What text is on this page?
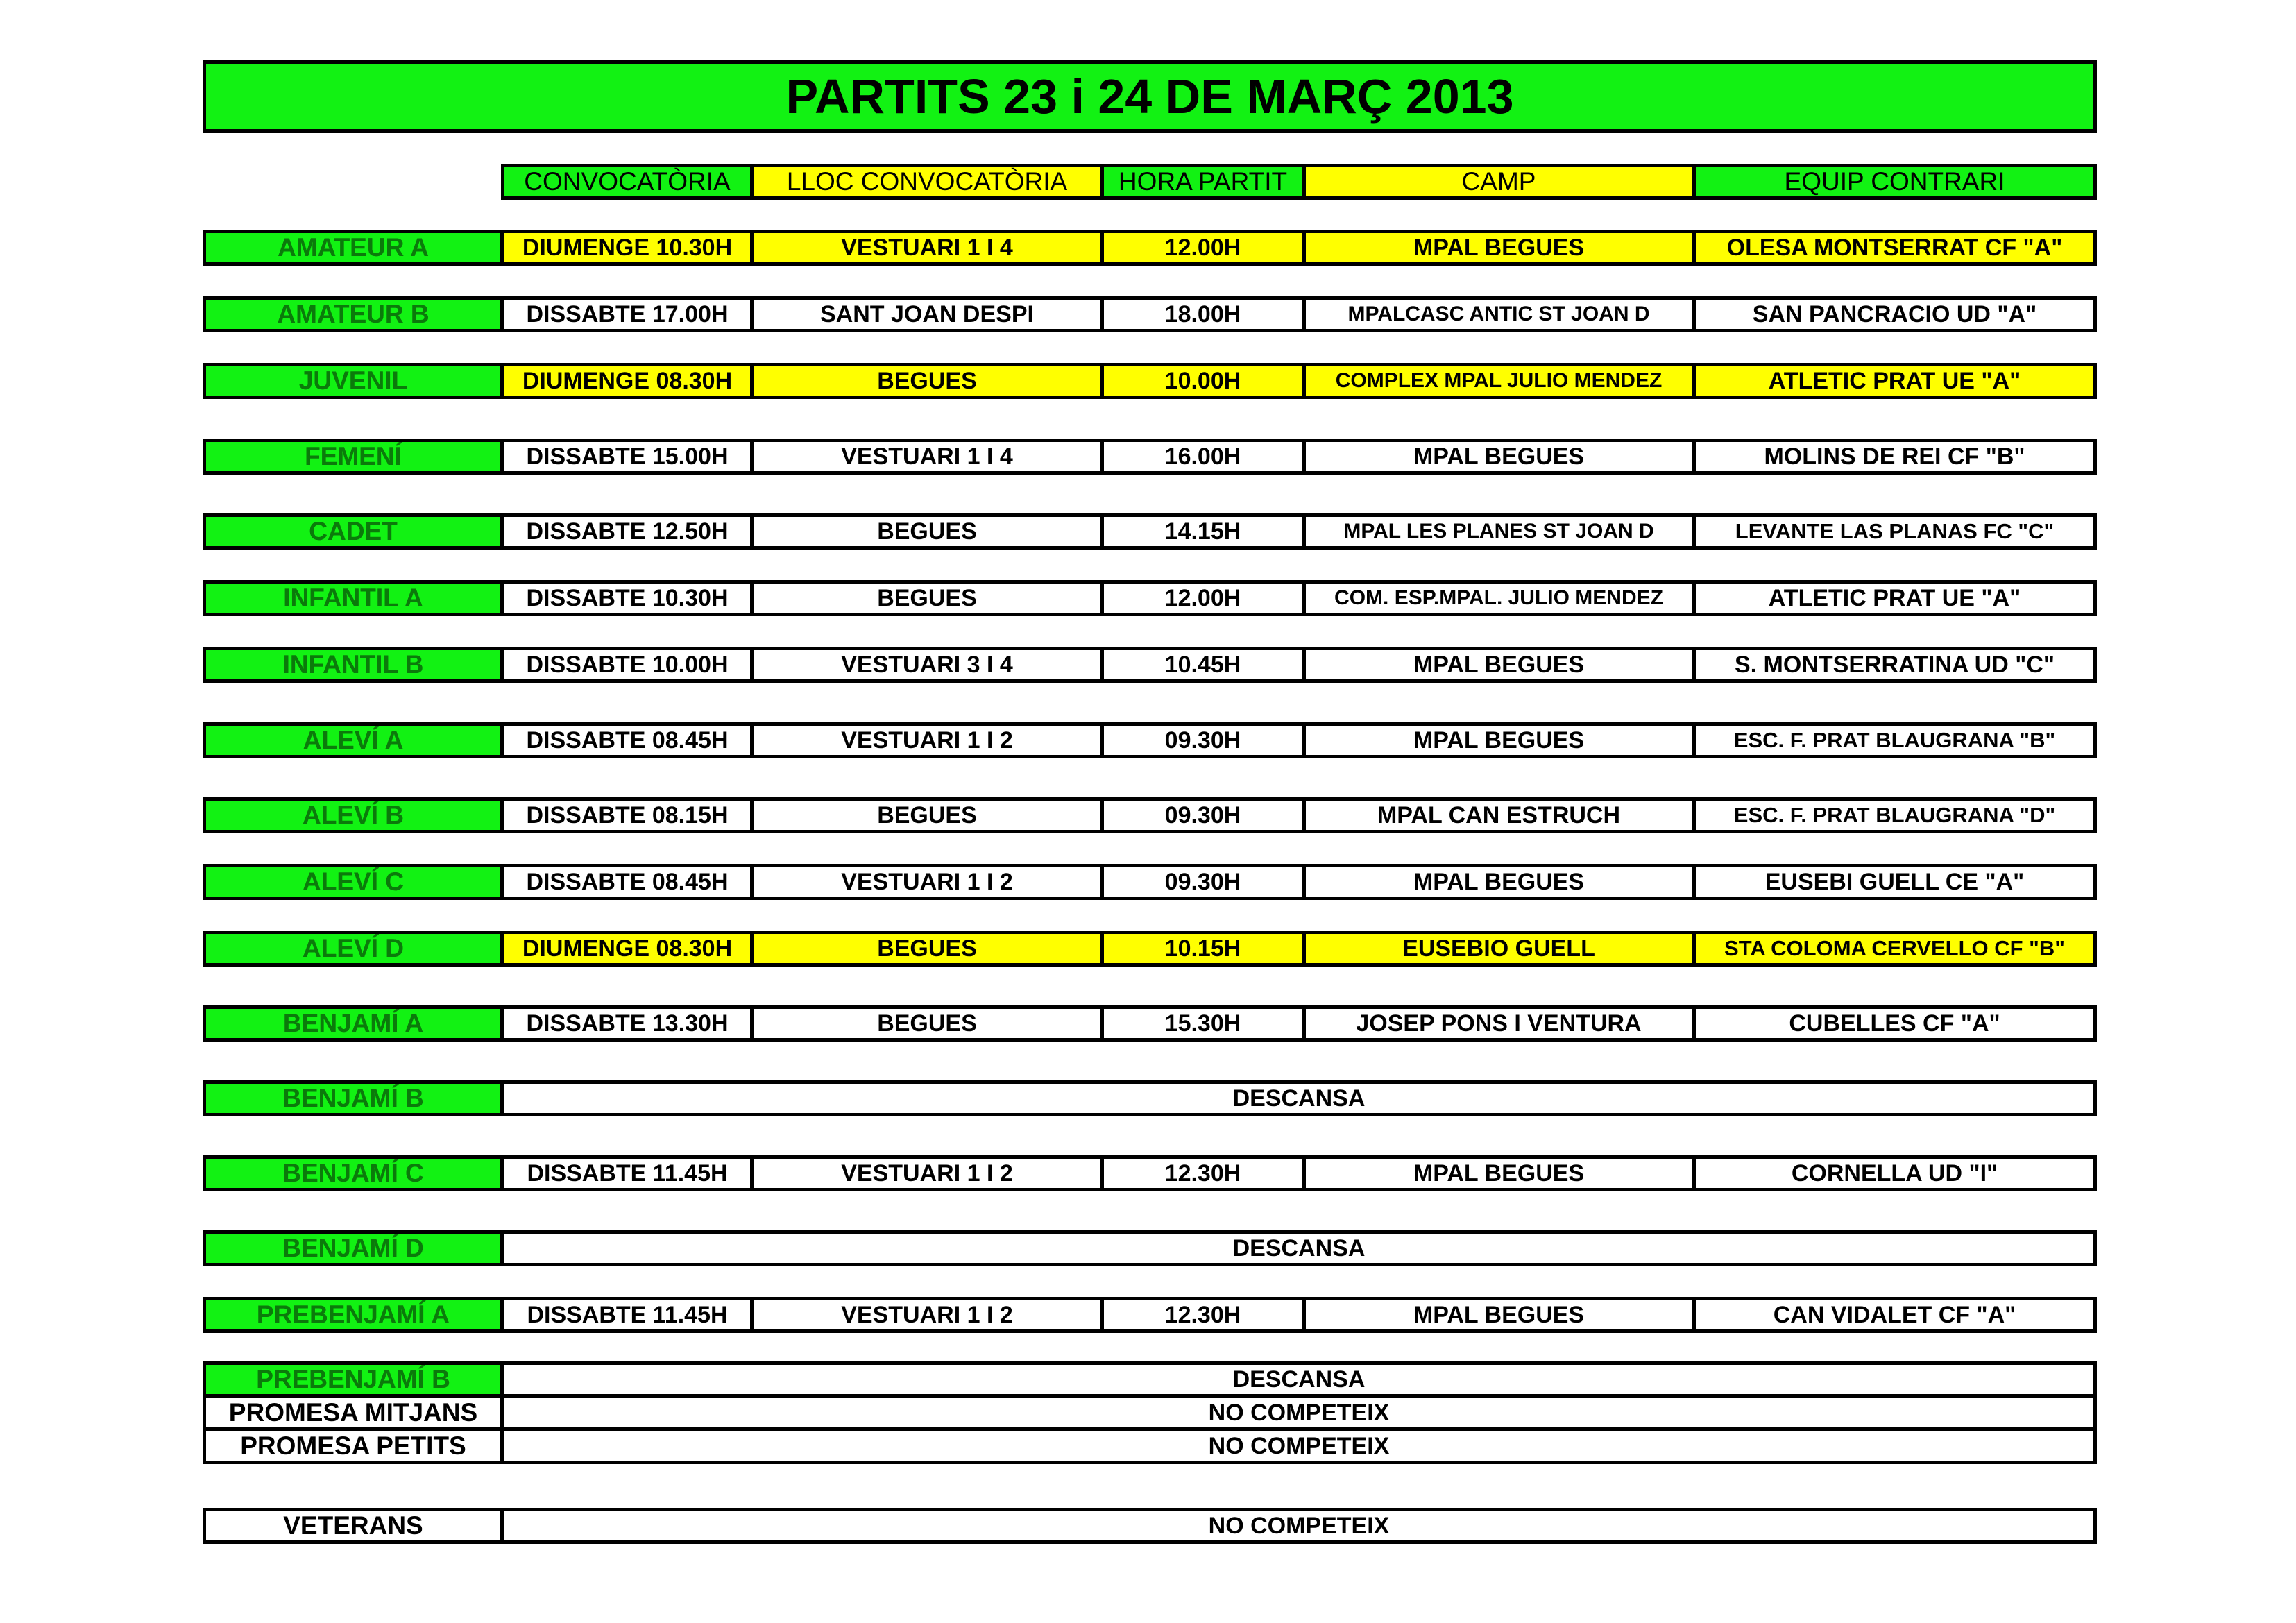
PARTITS 23 i 24 DE MARÇ 2013
CONVOCATÒRIA	LLOC CONVOCATÒRIA	HORA PARTIT	CAMP	EQUIP CONTRARI
AMATEUR A	DIUMENGE 10.30H	VESTUARI 1 I 4	12.00H	MPAL BEGUES	OLESA MONTSERRAT CF "A"
AMATEUR B	DISSABTE 17.00H	SANT JOAN DESPI	18.00H	MPALCASC ANTIC ST JOAN D	SAN PANCRACIO UD "A"
JUVENIL	DIUMENGE 08.30H	BEGUES	10.00H	COMPLEX MPAL JULIO MENDEZ	ATLETIC PRAT UE "A"
FEMENÍ	DISSABTE 15.00H	VESTUARI 1 I 4	16.00H	MPAL BEGUES	MOLINS DE REI CF "B"
CADET	DISSABTE 12.50H	BEGUES	14.15H	MPAL LES PLANES ST JOAN D	LEVANTE LAS PLANAS FC "C"
INFANTIL A	DISSABTE 10.30H	BEGUES	12.00H	COM. ESP.MPAL. JULIO MENDEZ	ATLETIC PRAT UE "A"
INFANTIL B	DISSABTE 10.00H	VESTUARI 3 I 4	10.45H	MPAL BEGUES	S. MONTSERRATINA UD "C"
ALEVÍ A	DISSABTE 08.45H	VESTUARI 1 I 2	09.30H	MPAL BEGUES	ESC. F. PRAT BLAUGRANA "B"
ALEVÍ B	DISSABTE 08.15H	BEGUES	09.30H	MPAL CAN ESTRUCH	ESC. F. PRAT BLAUGRANA "D"
ALEVÍ C	DISSABTE 08.45H	VESTUARI 1 I 2	09.30H	MPAL BEGUES	EUSEBI GUELL CE "A"
ALEVÍ D	DIUMENGE 08.30H	BEGUES	10.15H	EUSEBIO GUELL	STA COLOMA CERVELLO CF "B"
BENJAMÍ A	DISSABTE 13.30H	BEGUES	15.30H	JOSEP PONS I VENTURA	CUBELLES CF "A"
BENJAMÍ B	DESCANSA
BENJAMÍ C	DISSABTE 11.45H	VESTUARI 1 I 2	12.30H	MPAL BEGUES	CORNELLA UD "I"
BENJAMÍ D	DESCANSA
PREBENJAMÍ A	DISSABTE 11.45H	VESTUARI 1 I 2	12.30H	MPAL BEGUES	CAN VIDALET CF "A"
PREBENJAMÍ B	DESCANSA
PROMESA MITJANS	NO COMPETEIX
PROMESA PETITS	NO COMPETEIX
VETERANS	NO COMPETEIX
